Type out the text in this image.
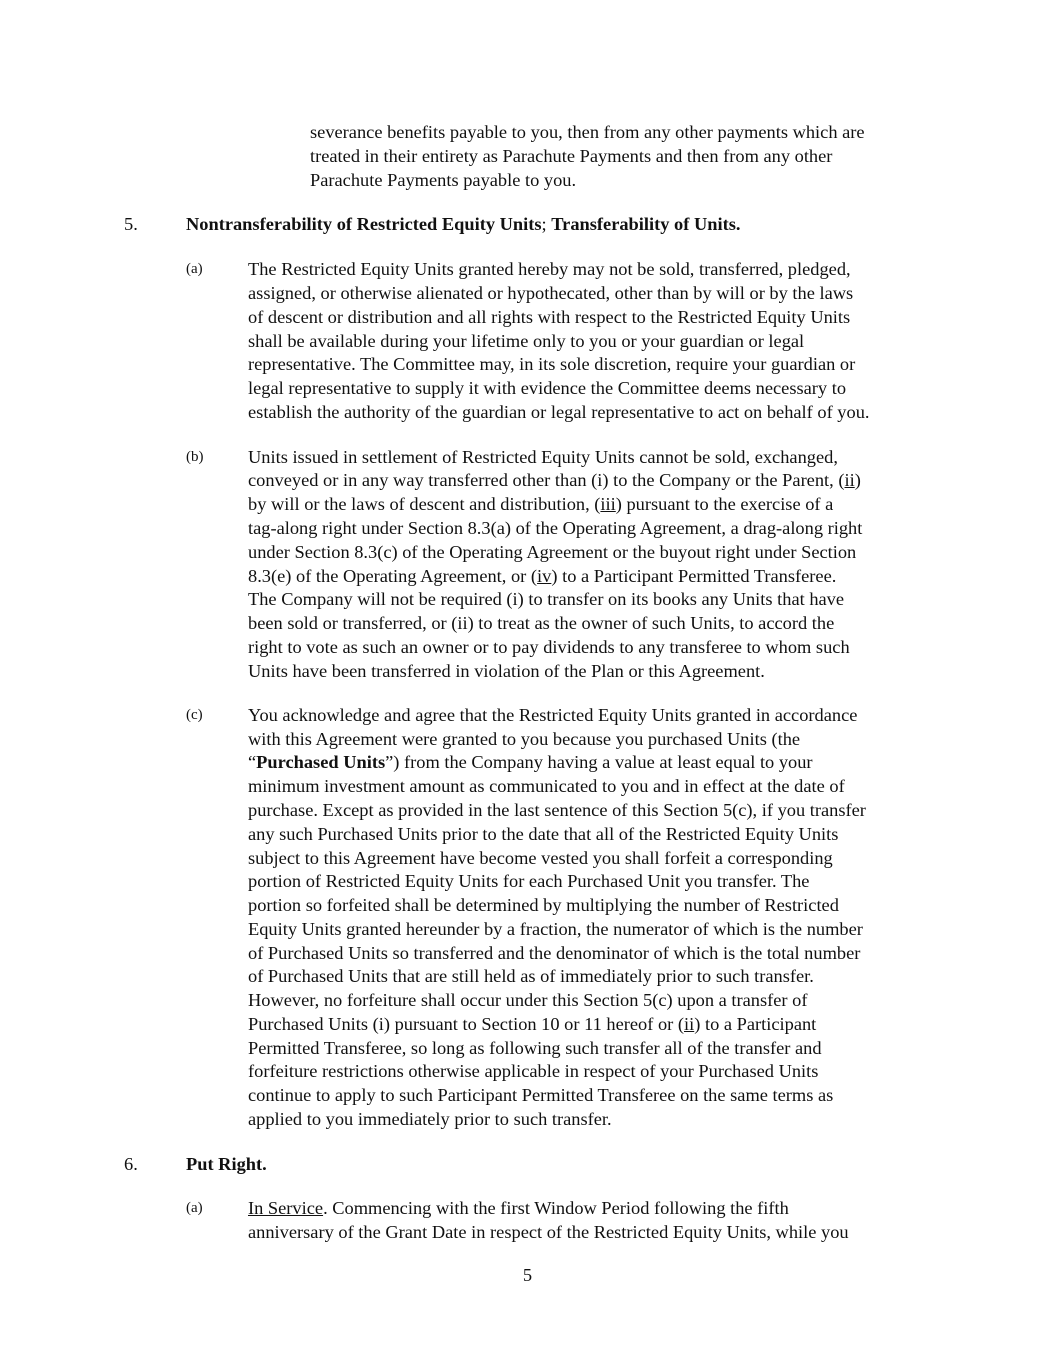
severance benefits payable to you, then from any other payments which are
treated in their entirety as Parachute Payments and then from any other
Parachute Payments payable to you.
5.	Nontransferability of Restricted Equity Units; Transferability of Units.
(a) The Restricted Equity Units granted hereby may not be sold, transferred, pledged,
assigned, or otherwise alienated or hypothecated, other than by will or by the laws
of descent or distribution and all rights with respect to the Restricted Equity Units
shall be available during your lifetime only to you or your guardian or legal
representative. The Committee may, in its sole discretion, require your guardian or
legal representative to supply it with evidence the Committee deems necessary to
establish the authority of the guardian or legal representative to act on behalf of you.
(b) Units issued in settlement of Restricted Equity Units cannot be sold, exchanged,
conveyed or in any way transferred other than (i) to the Company or the Parent, (ii)
by will or the laws of descent and distribution, (iii) pursuant to the exercise of a
tag-along right under Section 8.3(a) of the Operating Agreement, a drag-along right
under Section 8.3(c) of the Operating Agreement or the buyout right under Section
8.3(e) of the Operating Agreement, or (iv) to a Participant Permitted Transferee.
The Company will not be required (i) to transfer on its books any Units that have
been sold or transferred, or (ii) to treat as the owner of such Units, to accord the
right to vote as such an owner or to pay dividends to any transferee to whom such
Units have been transferred in violation of the Plan or this Agreement.
(c) You acknowledge and agree that the Restricted Equity Units granted in accordance
with this Agreement were granted to you because you purchased Units (the
“Purchased Units”) from the Company having a value at least equal to your
minimum investment amount as communicated to you and in effect at the date of
purchase. Except as provided in the last sentence of this Section 5(c), if you transfer
any such Purchased Units prior to the date that all of the Restricted Equity Units
subject to this Agreement have become vested you shall forfeit a corresponding
portion of Restricted Equity Units for each Purchased Unit you transfer. The
portion so forfeited shall be determined by multiplying the number of Restricted
Equity Units granted hereunder by a fraction, the numerator of which is the number
of Purchased Units so transferred and the denominator of which is the total number
of Purchased Units that are still held as of immediately prior to such transfer.
However, no forfeiture shall occur under this Section 5(c) upon a transfer of
Purchased Units (i) pursuant to Section 10 or 11 hereof or (ii) to a Participant
Permitted Transferee, so long as following such transfer all of the transfer and
forfeiture restrictions otherwise applicable in respect of your Purchased Units
continue to apply to such Participant Permitted Transferee on the same terms as
applied to you immediately prior to such transfer.
6.	Put Right.
(a) In Service. Commencing with the first Window Period following the fifth
anniversary of the Grant Date in respect of the Restricted Equity Units, while you
5
